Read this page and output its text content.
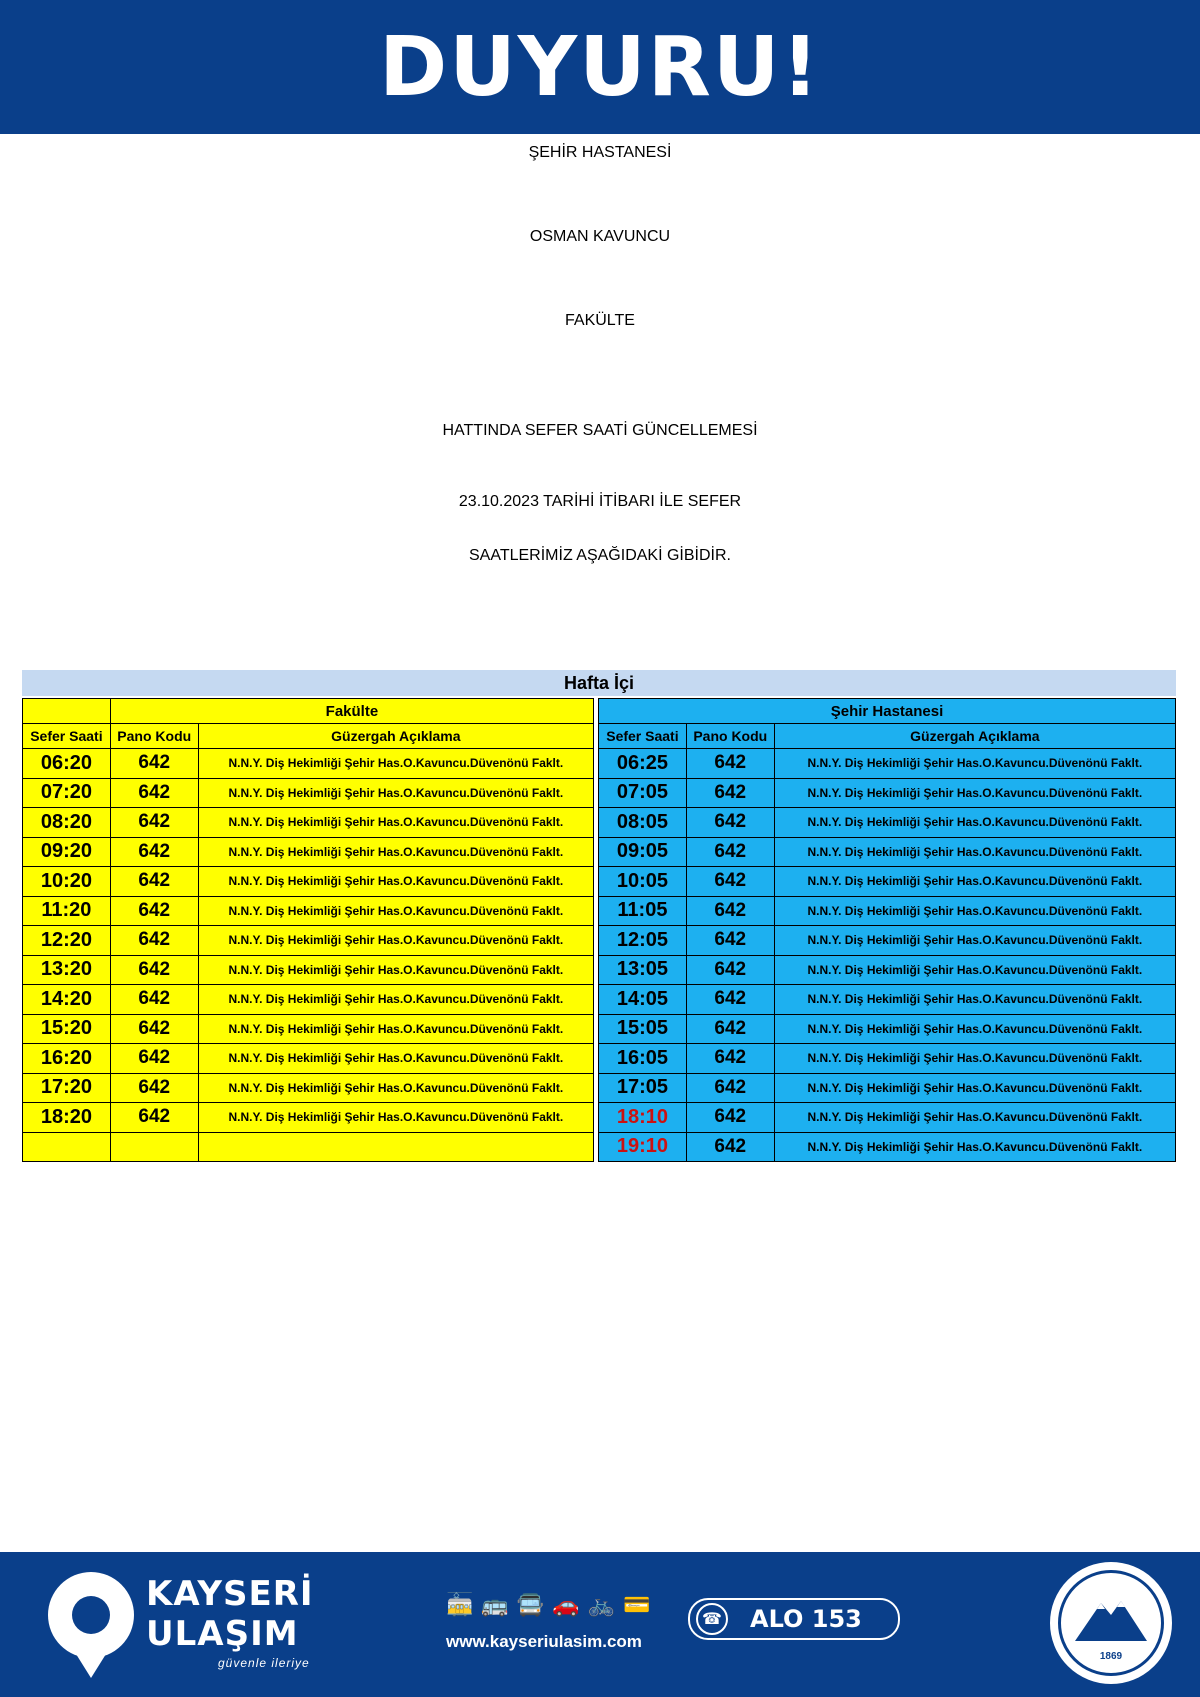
DUYURU!
ŞEHİR HASTANESİ
OSMAN KAVUNCU
FAKÜLTE
HATTINDA SEFER SAATİ GÜNCELLEMESİ
23.10.2023 TARİHİ İTİBARI İLE SEFER
SAATLERİMİZ AŞAĞIDAKİ GİBİDİR.
Hafta İçi
	Fakülte	
Sefer Saati	Pano Kodu	Güzergah Açıklama
06:20	642	N.N.Y. Diş Hekimliği Şehir Has.O.Kavuncu.Düvenönü Faklt.
07:20	642	N.N.Y. Diş Hekimliği Şehir Has.O.Kavuncu.Düvenönü Faklt.
08:20	642	N.N.Y. Diş Hekimliği Şehir Has.O.Kavuncu.Düvenönü Faklt.
09:20	642	N.N.Y. Diş Hekimliği Şehir Has.O.Kavuncu.Düvenönü Faklt.
10:20	642	N.N.Y. Diş Hekimliği Şehir Has.O.Kavuncu.Düvenönü Faklt.
11:20	642	N.N.Y. Diş Hekimliği Şehir Has.O.Kavuncu.Düvenönü Faklt.
12:20	642	N.N.Y. Diş Hekimliği Şehir Has.O.Kavuncu.Düvenönü Faklt.
13:20	642	N.N.Y. Diş Hekimliği Şehir Has.O.Kavuncu.Düvenönü Faklt.
14:20	642	N.N.Y. Diş Hekimliği Şehir Has.O.Kavuncu.Düvenönü Faklt.
15:20	642	N.N.Y. Diş Hekimliği Şehir Has.O.Kavuncu.Düvenönü Faklt.
16:20	642	N.N.Y. Diş Hekimliği Şehir Has.O.Kavuncu.Düvenönü Faklt.
17:20	642	N.N.Y. Diş Hekimliği Şehir Has.O.Kavuncu.Düvenönü Faklt.
18:20	642	N.N.Y. Diş Hekimliği Şehir Has.O.Kavuncu.Düvenönü Faklt.

Şehir Hastanesi		
Sefer Saati	Pano Kodu	Güzergah Açıklama
06:25	642	N.N.Y. Diş Hekimliği Şehir Has.O.Kavuncu.Düvenönü Faklt.
07:05	642	N.N.Y. Diş Hekimliği Şehir Has.O.Kavuncu.Düvenönü Faklt.
08:05	642	N.N.Y. Diş Hekimliği Şehir Has.O.Kavuncu.Düvenönü Faklt.
09:05	642	N.N.Y. Diş Hekimliği Şehir Has.O.Kavuncu.Düvenönü Faklt.
10:05	642	N.N.Y. Diş Hekimliği Şehir Has.O.Kavuncu.Düvenönü Faklt.
11:05	642	N.N.Y. Diş Hekimliği Şehir Has.O.Kavuncu.Düvenönü Faklt.
12:05	642	N.N.Y. Diş Hekimliği Şehir Has.O.Kavuncu.Düvenönü Faklt.
13:05	642	N.N.Y. Diş Hekimliği Şehir Has.O.Kavuncu.Düvenönü Faklt.
14:05	642	N.N.Y. Diş Hekimliği Şehir Has.O.Kavuncu.Düvenönü Faklt.
15:05	642	N.N.Y. Diş Hekimliği Şehir Has.O.Kavuncu.Düvenönü Faklt.
16:05	642	N.N.Y. Diş Hekimliği Şehir Has.O.Kavuncu.Düvenönü Faklt.
17:05	642	N.N.Y. Diş Hekimliği Şehir Has.O.Kavuncu.Düvenönü Faklt.
18:10	642	N.N.Y. Diş Hekimliği Şehir Has.O.Kavuncu.Düvenönü Faklt.
19:10	642	N.N.Y. Diş Hekimliği Şehir Has.O.Kavuncu.Düvenönü Faklt.
KAYSERİ
ULAŞIM
güvenle ileriye
🚋🚌🚍🚗🚲💳
www.kayseriulasim.com
☎ ALO 153
1869
